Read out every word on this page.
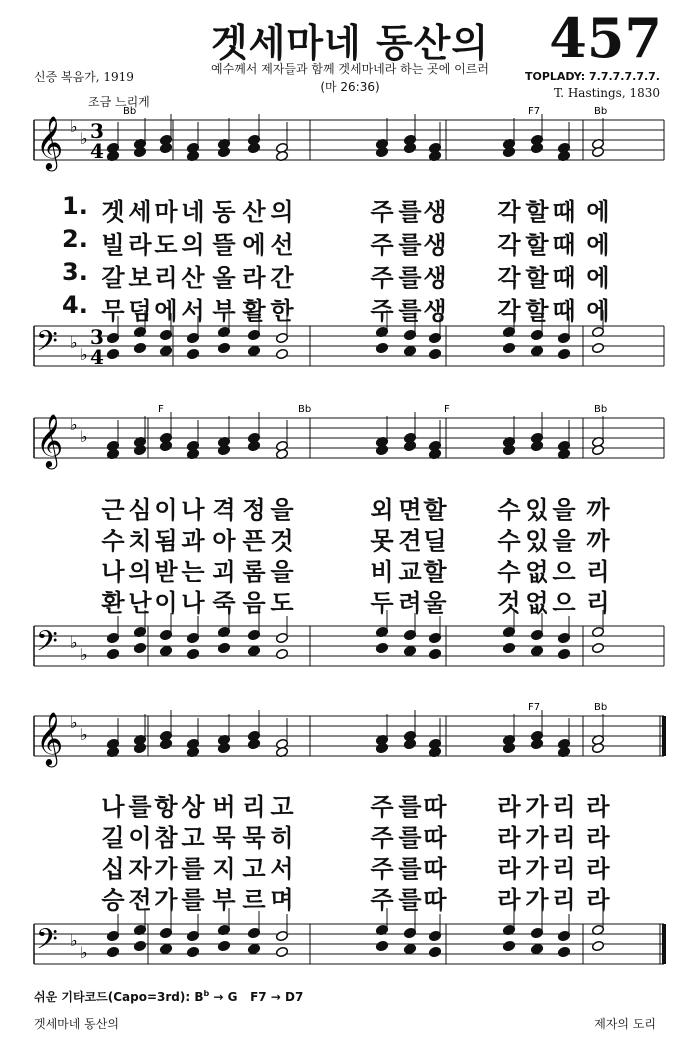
겟세마네 동산의	457
예수께서 제자들과 함께 겟세마네라 하는 곳에 이르러
(마 26:36)
신증 복음가, 1919
조금 느리게
TOPLADY: 7.7.7.7.7.7.
T. Hastings, 1830
𝄞 ♭
♭ 3
4
𝄢 ♭
♭
3
4
Bb	F7	Bb
1. 겟 세 마 네 동 산 의	주 를 생 각 할 때 에
2. 빌 라 도 의 뜰 에 선	주 를 생 각 할 때 에
3. 갈 보 리 산 올 라 간	주 를 생 각 할 때 에
4. 무 덤 에 서 부 활 한	주 를 생 각 할 때 에
𝄞 ♭
♭
𝄢 ♭
♭
F	Bb	F	Bb
근 심 이 나 격 정 을	외 면 할 수 있 을 까
수 치 됨 과 아 픈 것	못 견 딜 수 있 을 까
나 의 받 는 괴 롬 을	비 교 할 수 없 으 리
환 난 이 나 죽 음 도	두 려 울 것 없 으 리
𝄞 ♭
♭
𝄢 ♭
♭
F7	Bb
나 를 항 상 버 리 고	주 를 따 라 가 리 라
길 이 참 고 묵 묵 히	주 를 따 라 가 리 라
십 자 가 를 지 고 서	주 를 따 라 가 리 라
승 전 가 를 부 르 며	주 를 따 라 가 리 라
쉬운 기타코드(Capo=3rd): $B^b \to G$ F7 → D7
겟세마네 동산의	제자의 도리
